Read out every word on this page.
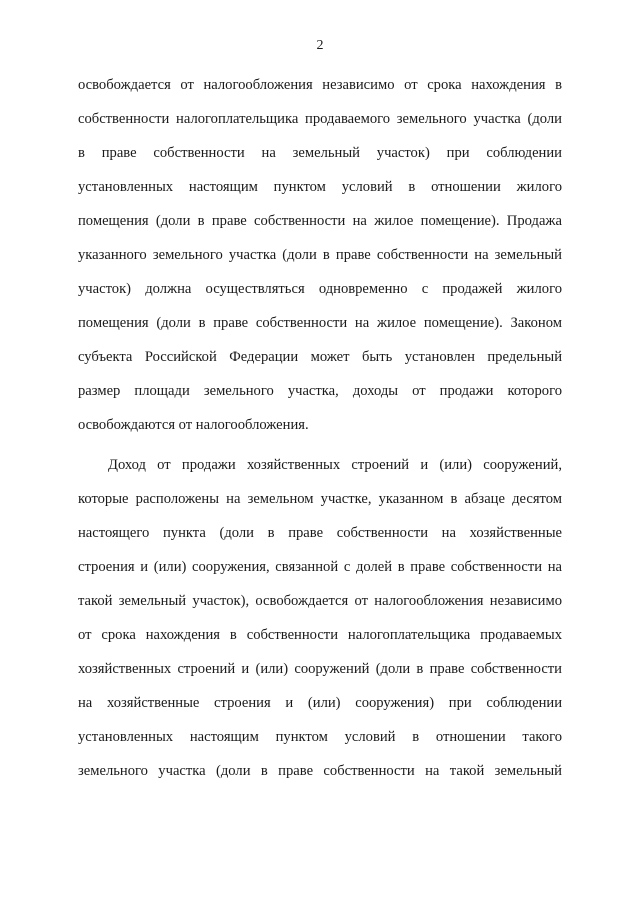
2
освобождается от налогообложения независимо от срока нахождения в
собственности налогоплательщика продаваемого земельного участка (доли
в праве собственности на земельный участок) при соблюдении
установленных настоящим пунктом условий в отношении жилого
помещения (доли в праве собственности на жилое помещение). Продажа
указанного земельного участка (доли в праве собственности на земельный
участок) должна осуществляться одновременно с продажей жилого
помещения (доли в праве собственности на жилое помещение). Законом
субъекта Российской Федерации может быть установлен предельный
размер площади земельного участка, доходы от продажи которого
освобождаются от налогообложения.
Доход от продажи хозяйственных строений и (или) сооружений,
которые расположены на земельном участке, указанном в абзаце десятом
настоящего пункта (доли в праве собственности на хозяйственные
строения и (или) сооружения, связанной с долей в праве собственности на
такой земельный участок), освобождается от налогообложения независимо
от срока нахождения в собственности налогоплательщика продаваемых
хозяйственных строений и (или) сооружений (доли в праве собственности
на хозяйственные строения и (или) сооружения) при соблюдении
установленных настоящим пунктом условий в отношении такого
земельного участка (доли в праве собственности на такой земельный
